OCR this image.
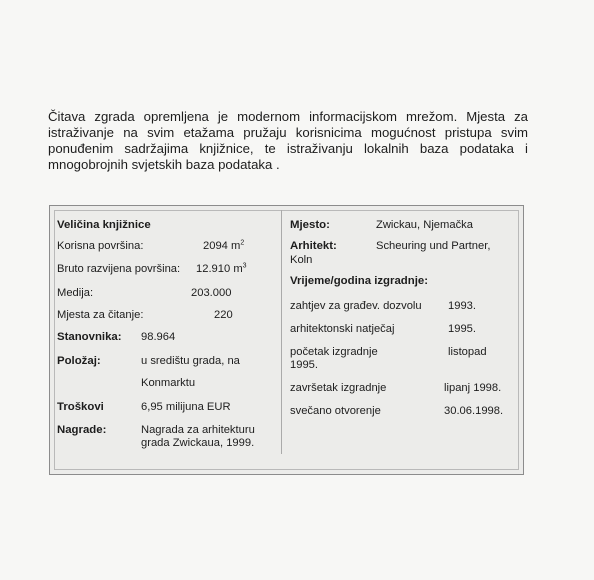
Čitava zgrada opremljena je modernom informacijskom mrežom. Mjesta za istraživanje na svim etažama pružaju korisnicima mogućnost pristupa svim ponuđenim sadržajima knjižnice, te istraživanju lokalnih baza podataka i mnogobrojnih svjetskih baza podataka .

Veličina knjižnice
Korisna površina:	2094 $m^2$
Bruto razvijena površina: 12.910 $m^3$
Medija:	203.000
Mjesta za čitanje:	220
Stanovnika: 98.964
Položaj:	u središtu grada, na
Konmarktu
Troškovi	6,95 milijuna EUR
Nagrade:	Nagrada za arhitekturu
grada Zwickaua, 1999.
Mjesto:	Zwickau, Njemačka
Arhitekt:	Scheuring und Partner,
Koln
Vrijeme/godina izgradnje:
zahtjev za građev. dozvolu 1993.
arhitektonski natječaj	1995.
početak izgradnje	listopad
1995.
završetak izgradnje	lipanj 1998.
svečano otvorenje	30.06.1998.
